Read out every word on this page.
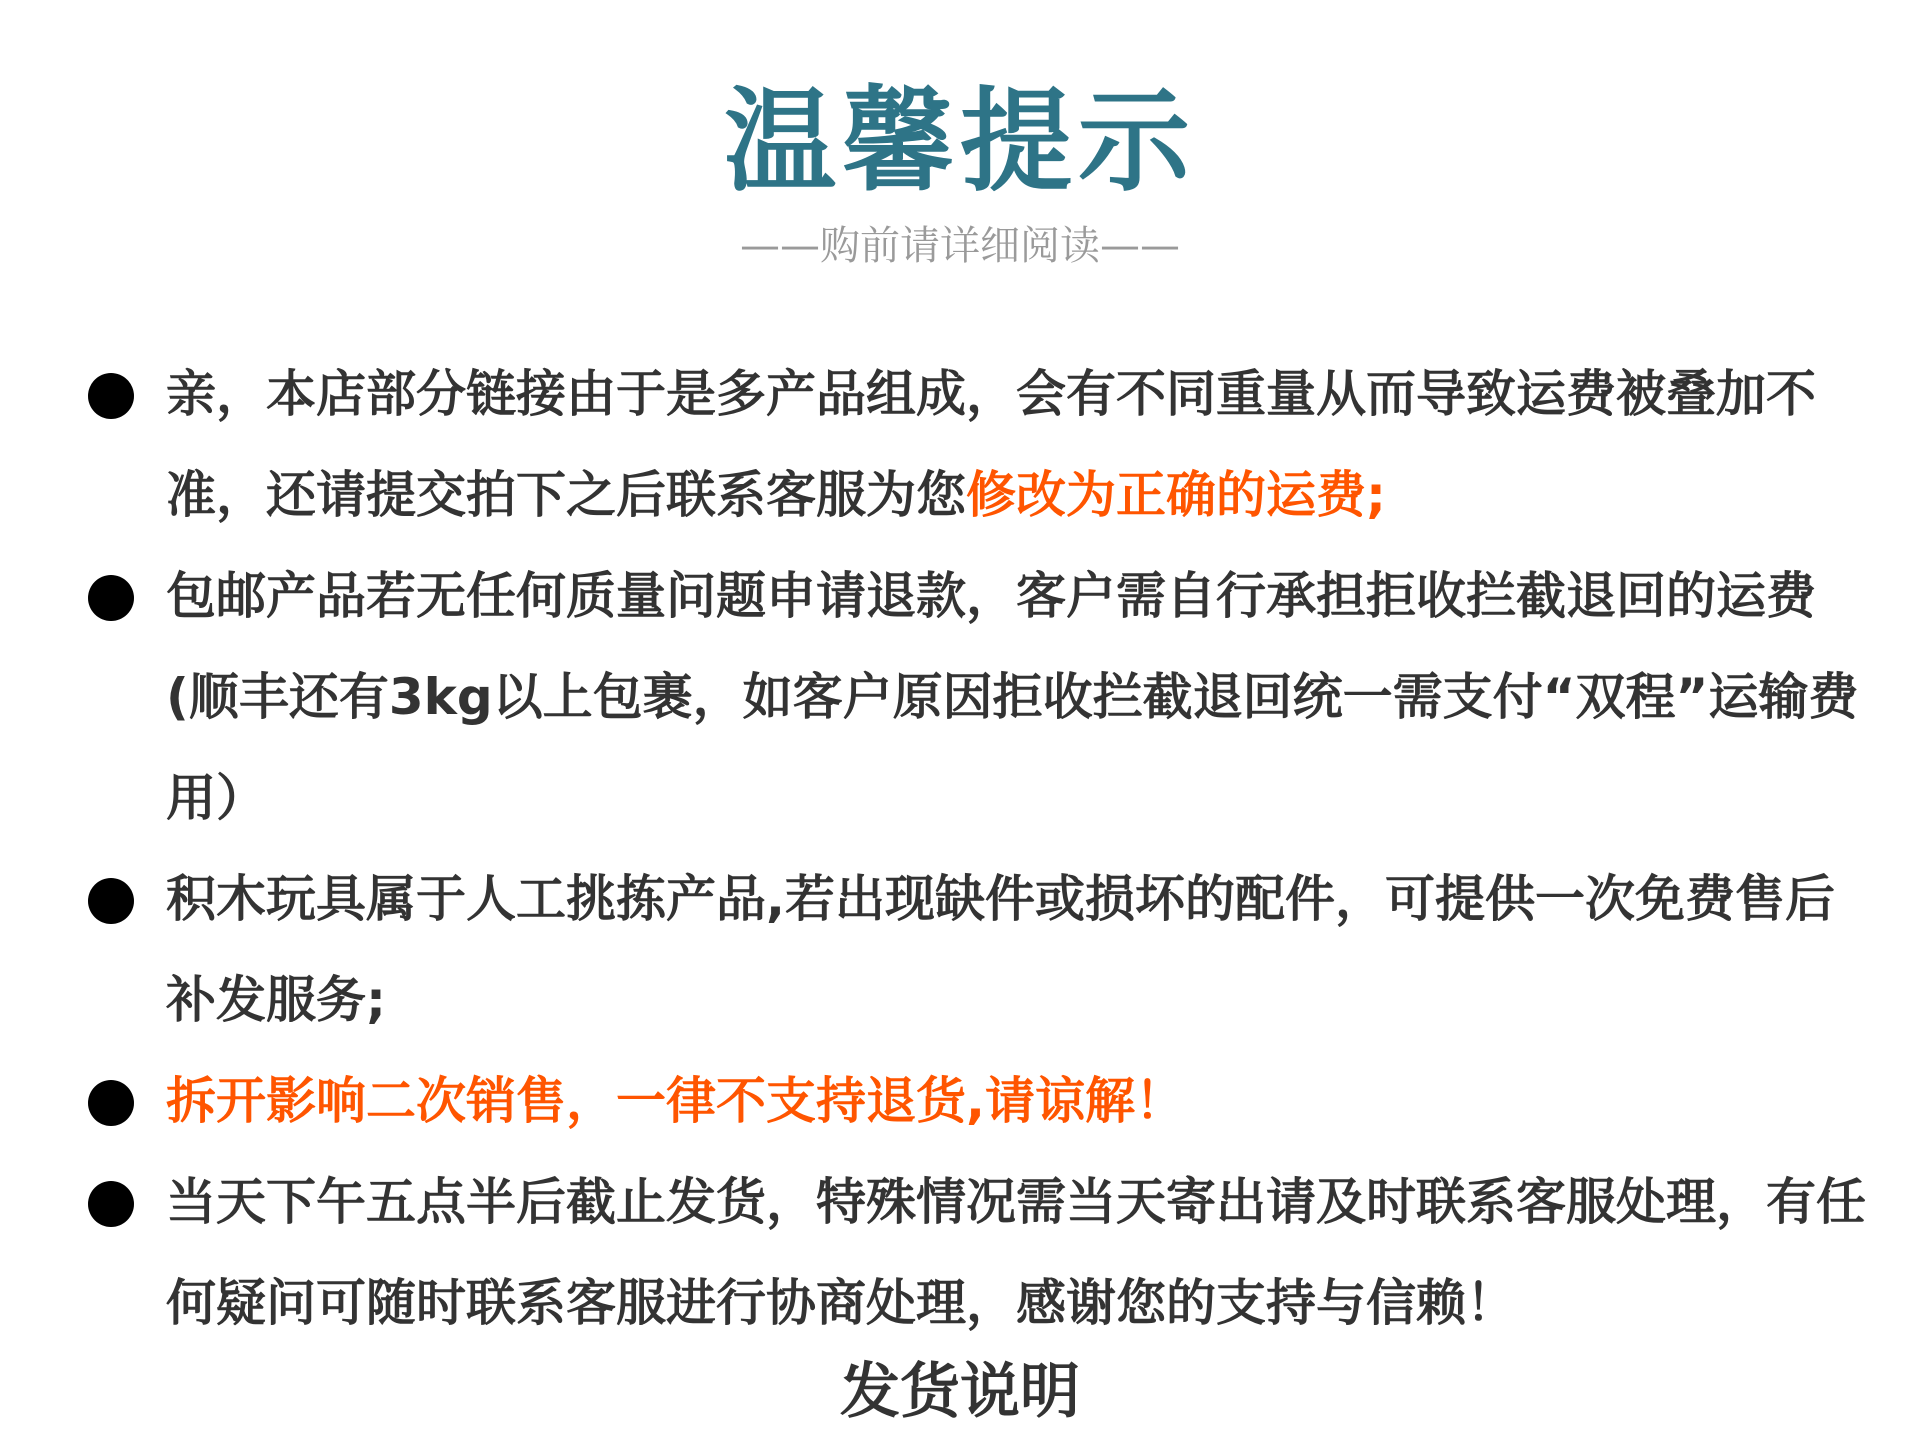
温馨提示
——购前请详细阅读——
亲，本店部分链接由于是多产品组成，会有不同重量从而导致运费被叠加不准，还请提交拍下之后联系客服为您修改为正确的运费;
包邮产品若无任何质量问题申请退款，客户需自行承担拒收拦截退回的运费(顺丰还有3kg以上包裹，如客户原因拒收拦截退回统一需支付“双程”运输费用）
积木玩具属于人工挑拣产品,若出现缺件或损坏的配件，可提供一次免费售后补发服务;
拆开影响二次销售，一律不支持退货,请谅解！
当天下午五点半后截止发货，特殊情况需当天寄出请及时联系客服处理，有任何疑问可随时联系客服进行协商处理，感谢您的支持与信赖！
发货说明
